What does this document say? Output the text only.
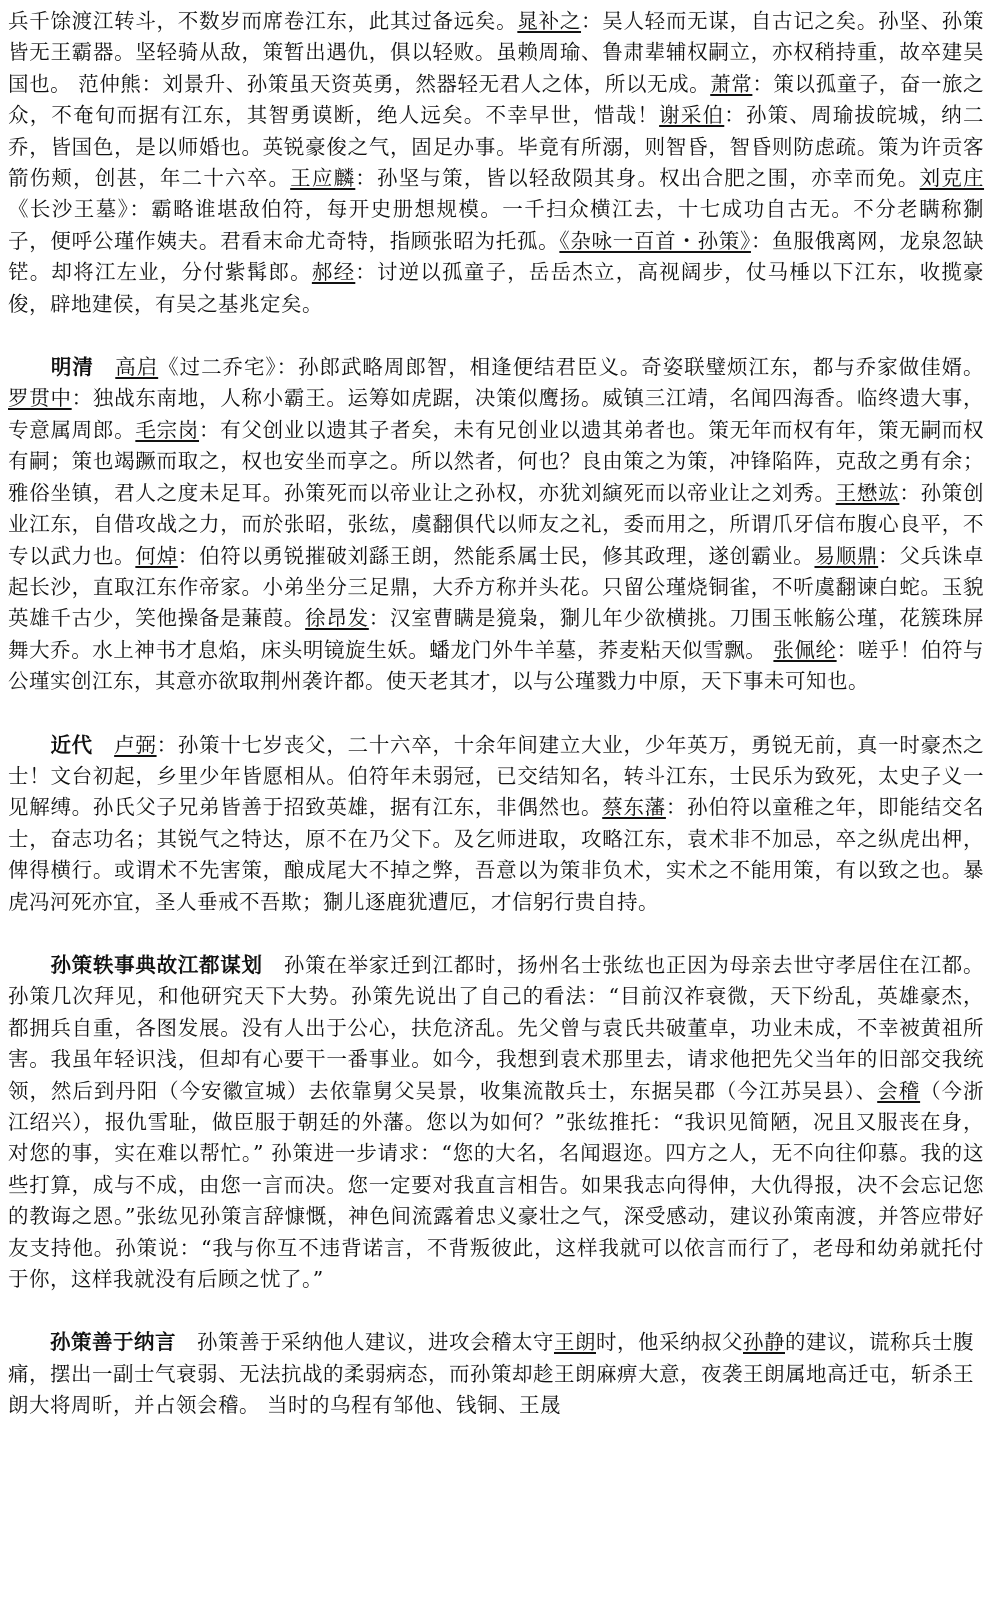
兵千馀渡江转斗，不数岁而席卷江东，此其过备远矣。晁补之：吴人轻而无谋，自古记之矣。孙坚、孙策皆无王霸器。坚轻骑从敌，策暂出遇仇，俱以轻败。虽赖周瑜、鲁肃辈辅权嗣立，亦权稍持重，故卒建吴国也。 范仲熊：刘景升、孙策虽天资英勇，然器轻无君人之体，所以无成。萧常：策以孤童子，奋一旅之众，不奄旬而据有江东，其智勇谟断，绝人远矣。不幸早世，惜哉！谢采伯：孙策、周瑜拔皖城，纳二乔，皆国色，是以师婚也。英锐豪俊之气，固足办事。毕竟有所溺，则智昏，智昏则防虑疏。策为许贡客箭伤颊，创甚，年二十六卒。王应麟：孙坚与策，皆以轻敌陨其身。权出合肥之围，亦幸而免。刘克庄《长沙王墓》：霸略谁堪敌伯符，每开史册想规模。一千扫众横江去，十七成功自古无。不分老瞒称猘子，便呼公瑾作姨夫。君看末命尤奇特，指顾张昭为托孤。《杂咏一百首・孙策》：鱼服俄离网，龙泉忽缺铓。却将江左业，分付紫髯郎。郝经：讨逆以孤童子，岳岳杰立，高视阔步，仗马棰以下江东，收揽豪俊，辟地建侯，有吴之基兆定矣。

　　明清　 高启《过二乔宅》：孙郎武略周郎智，相逢便结君臣义。奇姿联璧烦江东，都与乔家做佳婿。罗贯中：独战东南地，人称小霸王。运筹如虎踞，决策似鹰扬。威镇三江靖，名闻四海香。临终遗大事，专意属周郎。毛宗岗：有父创业以遗其子者矣，未有兄创业以遗其弟者也。策无年而权有年，策无嗣而权有嗣；策也竭蹶而取之，权也安坐而享之。所以然者，何也？良由策之为策，冲锋陷阵，克敌之勇有余；雅俗坐镇，君人之度未足耳。孙策死而以帝业让之孙权，亦犹刘縯死而以帝业让之刘秀。王懋竑：孙策创业江东，自借攻战之力，而於张昭，张纮，虞翻俱代以师友之礼，委而用之，所谓爪牙信布腹心良平，不专以武力也。何焯：伯符以勇锐摧破刘繇王朗，然能系属士民，修其政理，遂创霸业。易顺鼎：父兵诛卓起长沙，直取江东作帝家。小弟坐分三足鼎，大乔方称并头花。只留公瑾烧铜雀，不听虞翻谏白蛇。玉貌英雄千古少，笑他操备是蒹葭。徐昂发：汉室曹瞒是獍枭，猘儿年少欲横挑。刀围玉帐觞公瑾，花簇珠屏舞大乔。水上神书才息焰，床头明镜旋生妖。蟠龙门外牛羊墓，荞麦粘天似雪飘。 张佩纶：嗟乎！伯符与公瑾实创江东，其意亦欲取荆州袭许都。使天老其才，以与公瑾戮力中原，天下事未可知也。

　　近代　 卢弼：孙策十七岁丧父，二十六卒，十余年间建立大业，少年英万，勇锐无前，真一时豪杰之士！文台初起，乡里少年皆愿相从。伯符年未弱冠，已交结知名，转斗江东，士民乐为致死，太史子义一见解缚。孙氏父子兄弟皆善于招致英雄，据有江东，非偶然也。蔡东藩：孙伯符以童稚之年，即能结交名士，奋志功名；其锐气之特达，原不在乃父下。及乞师进取，攻略江东，袁术非不加忌，卒之纵虎出柙，俾得横行。或谓术不先害策，酿成尾大不掉之弊，吾意以为策非负术，实术之不能用策，有以致之也。暴虎冯河死亦宜，圣人垂戒不吾欺；猘儿逐鹿犹遭厄，才信躬行贵自持。

　　孙策轶事典故江都谋划　 孙策在举家迁到江都时，扬州名士张纮也正因为母亲去世守孝居住在江都。孙策几次拜见，和他研究天下大势。孙策先说出了自己的看法：“目前汉祚衰微，天下纷乱，英雄豪杰，都拥兵自重，各图发展。没有人出于公心，扶危济乱。先父曾与袁氏共破董卓，功业未成，不幸被黄祖所害。我虽年轻识浅，但却有心要干一番事业。如今，我想到袁术那里去，请求他把先父当年的旧部交我统领，然后到丹阳（今安徽宣城）去依靠舅父吴景，收集流散兵士，东据吴郡（今江苏吴县）、会稽（今浙江绍兴），报仇雪耻，做臣服于朝廷的外藩。您以为如何？”张纮推托：“我识见简陋，况且又服丧在身，对您的事，实在难以帮忙。” 孙策进一步请求：“您的大名，名闻遐迩。四方之人，无不向往仰慕。我的这些打算，成与不成，由您一言而决。您一定要对我直言相告。如果我志向得伸，大仇得报，决不会忘记您的教诲之恩。”张纮见孙策言辞慷慨，神色间流露着忠义豪壮之气，深受感动，建议孙策南渡，并答应带好友支持他。孙策说：“我与你互不违背诺言，不背叛彼此，这样我就可以依言而行了，老母和幼弟就托付于你，这样我就没有后顾之忧了。”

　　孙策善于纳言　 孙策善于采纳他人建议，进攻会稽太守王朗时，他采纳叔父孙静的建议，谎称兵士腹痛，摆出一副士气衰弱、无法抗战的柔弱病态，而孙策却趁王朗麻痹大意，夜袭王朗属地高迁屯，斩杀王朗大将周昕，并占领会稽。 当时的乌程有邹他、钱铜、王晟
